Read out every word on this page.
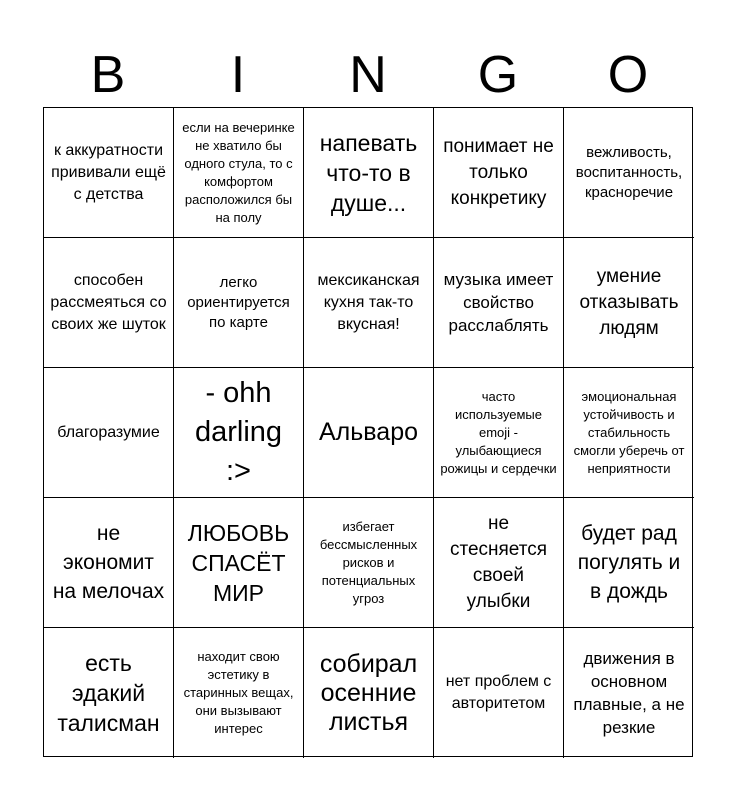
B	I	N	G	O
к аккуратности прививали ещё с детства
если на вечеринке не хватило бы одного стула, то с комфортом расположился бы на полу
напевать что-то в душе...
понимает не только конкретику
вежливость, воспитанность, красноречие
способен рассмеяться со своих же шуток
легко ориентируется по карте
мексиканская кухня так-то вкусная!
музыка имеет свойство расслаблять
умение отказывать людям
благоразумие
- ohh darling :>
Альваро
часто используемые emoji - улыбающиеся рожицы и сердечки
эмоциональная устойчивость и стабильность смогли уберечь от неприятности
не экономит на мелочах
ЛЮБОВЬ СПАСЁТ МИР
избегает бессмысленных рисков и потенциальных угроз
не стесняется своей улыбки
будет рад погулять и в дождь
есть эдакий талисман
находит свою эстетику в старинных вещах, они вызывают интерес
собирал осенние листья
нет проблем с авторитетом
движения в основном плавные, а не резкие
